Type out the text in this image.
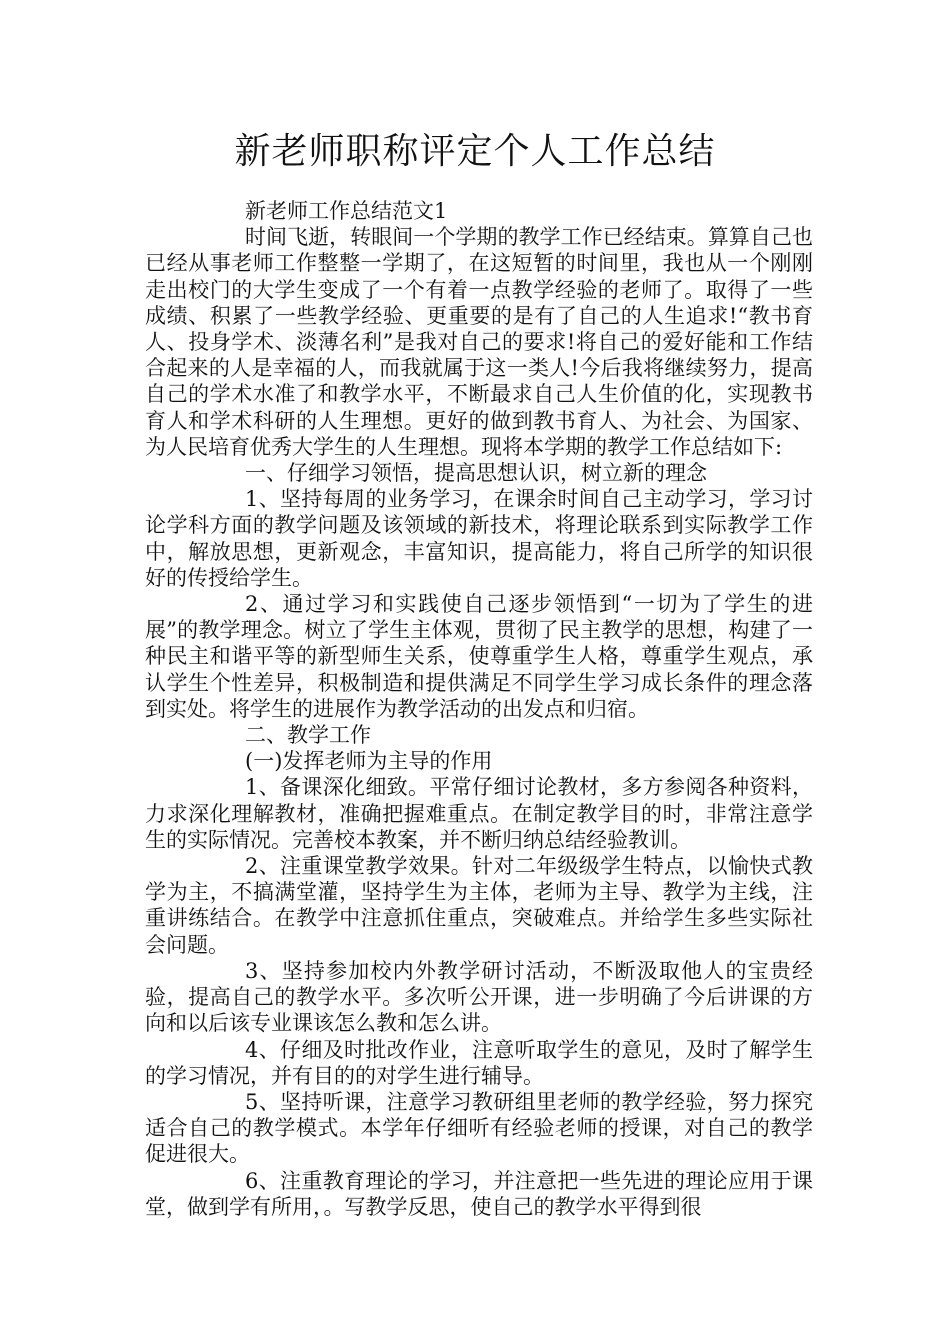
新老师职称评定个人工作总结

新老师工作总结范文1

时间飞逝，转眼间一个学期的教学工作已经结束。算算自己也已经从事老师工作整整一学期了，在这短暂的时间里，我也从一个刚刚走出校门的大学生变成了一个有着一点教学经验的老师了。取得了一些成绩、积累了一些教学经验、更重要的是有了自己的人生追求!“教书育人、投身学术、淡薄名利”是我对自己的要求!将自己的爱好能和工作结合起来的人是幸福的人，而我就属于这一类人!今后我将继续努力，提高自己的学术水准了和教学水平，不断最求自己人生价值的化，实现教书育人和学术科研的人生理想。更好的做到教书育人、为社会、为国家、为人民培育优秀大学生的人生理想。现将本学期的教学工作总结如下:

一、仔细学习领悟，提高思想认识，树立新的理念

1、坚持每周的业务学习，在课余时间自己主动学习，学习讨论学科方面的教学问题及该领域的新技术，将理论联系到实际教学工作中，解放思想，更新观念，丰富知识，提高能力，将自己所学的知识很好的传授给学生。

2、通过学习和实践使自己逐步领悟到“一切为了学生的进展”的教学理念。树立了学生主体观，贯彻了民主教学的思想，构建了一种民主和谐平等的新型师生关系，使尊重学生人格，尊重学生观点，承认学生个性差异，积极制造和提供满足不同学生学习成长条件的理念落到实处。将学生的进展作为教学活动的出发点和归宿。

二、教学工作

(一)发挥老师为主导的作用

1、备课深化细致。平常仔细讨论教材，多方参阅各种资料，力求深化理解教材，准确把握难重点。在制定教学目的时，非常注意学生的实际情况。完善校本教案，并不断归纳总结经验教训。

2、注重课堂教学效果。针对二年级级学生特点，以愉快式教学为主，不搞满堂灌，坚持学生为主体，老师为主导、教学为主线，注重讲练结合。在教学中注意抓住重点，突破难点。并给学生多些实际社会问题。

3、坚持参加校内外教学研讨活动，不断汲取他人的宝贵经验，提高自己的教学水平。多次听公开课，进一步明确了今后讲课的方向和以后该专业课该怎么教和怎么讲。

4、仔细及时批改作业，注意听取学生的意见，及时了解学生的学习情况，并有目的的对学生进行辅导。

5、坚持听课，注意学习教研组里老师的教学经验，努力探究适合自己的教学模式。本学年仔细听有经验老师的授课，对自己的教学促进很大。

6、注重教育理论的学习，并注意把一些先进的理论应用于课堂，做到学有所用，。写教学反思，使自己的教学水平得到很
